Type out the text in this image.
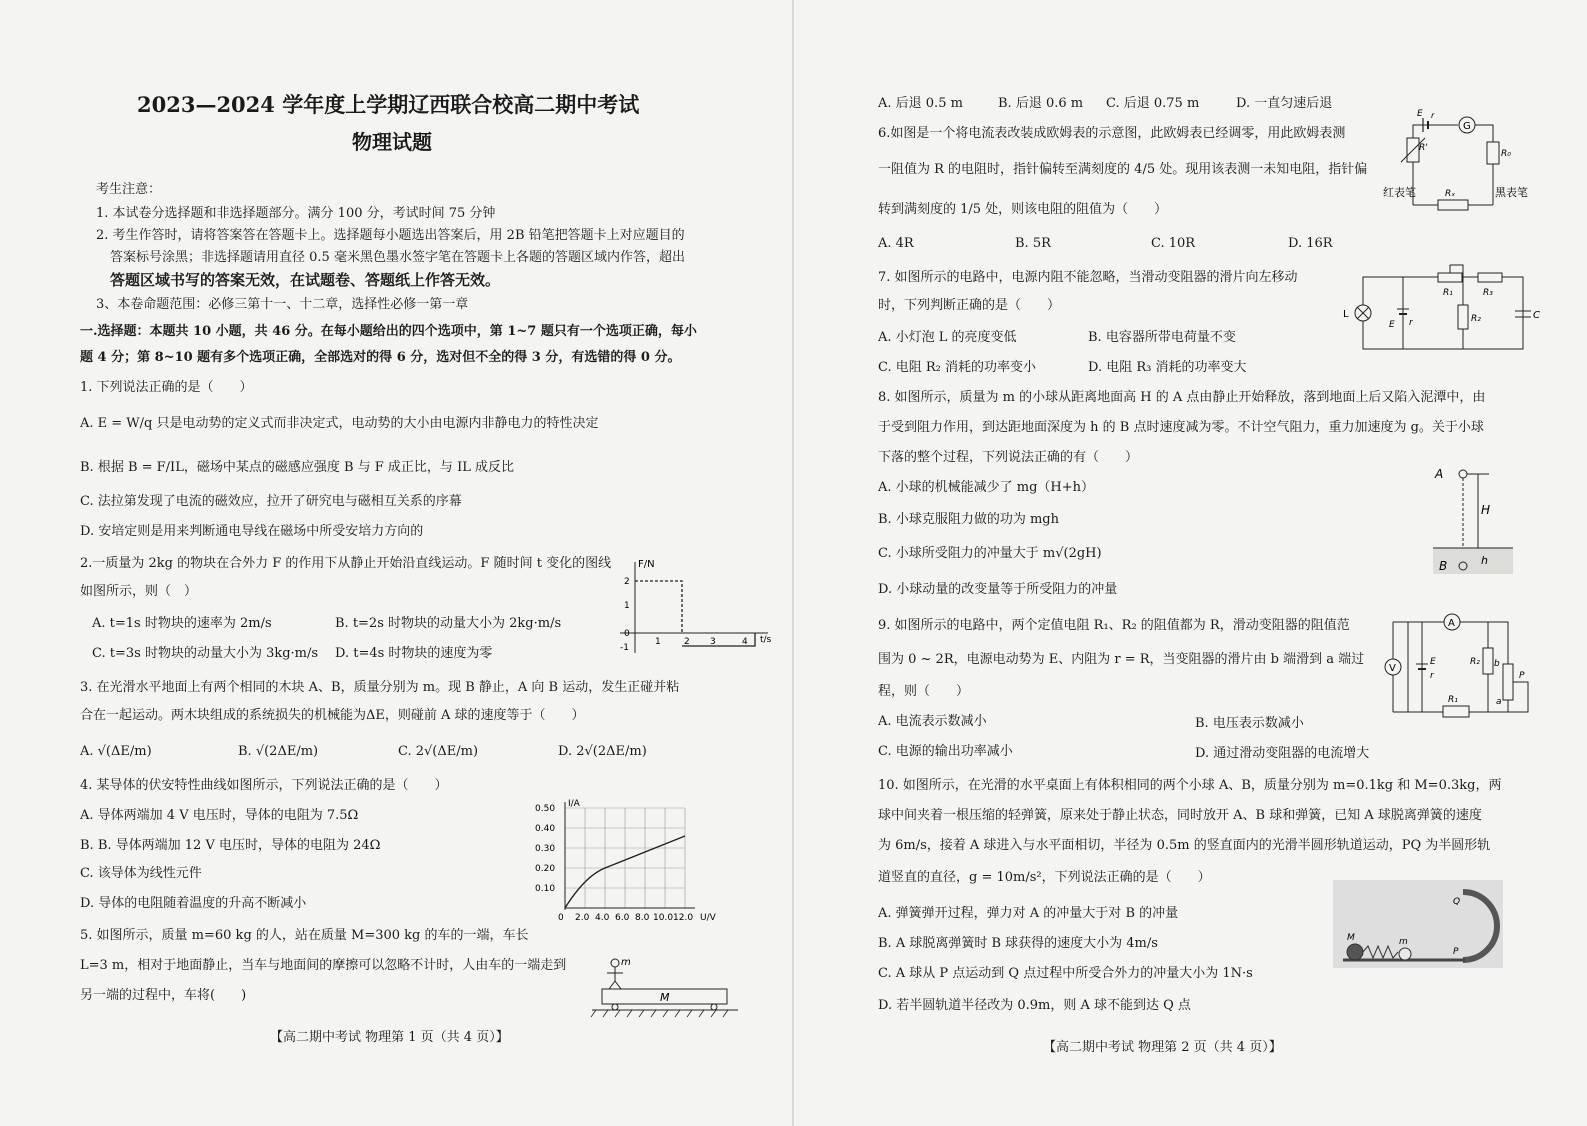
2023—2024 学年度上学期辽西联合校高二期中考试
物理试题
考生注意：
1. 本试卷分选择题和非选择题部分。满分 100 分，考试时间 75 分钟
2. 考生作答时，请将答案答在答题卡上。选择题每小题选出答案后，用 2B 铅笔把答题卡上对应题目的
答案标号涂黑；非选择题请用直径 0.5 毫米黑色墨水签字笔在答题卡上各题的答题区域内作答，超出
答题区域书写的答案无效，在试题卷、答题纸上作答无效。
3、本卷命题范围：必修三第十一、十二章，选择性必修一第一章
一.选择题：本题共 10 小题，共 46 分。在每小题给出的四个选项中，第 1~7 题只有一个选项正确，每小
题 4 分；第 8~10 题有多个选项正确，全部选对的得 6 分，选对但不全的得 3 分，有选错的得 0 分。
1. 下列说法正确的是（　　）
A. E = W/q 只是电动势的定义式而非决定式，电动势的大小由电源内非静电力的特性决定
B. 根据 B = F/IL，磁场中某点的磁感应强度 B 与 F 成正比，与 IL 成反比
C. 法拉第发现了电流的磁效应，拉开了研究电与磁相互关系的序幕
D. 安培定则是用来判断通电导线在磁场中所受安培力方向的
2.一质量为 2kg 的物块在合外力 F 的作用下从静止开始沿直线运动。F 随时间 t 变化的图线
如图所示，则（　）
A. t=1s 时物块的速率为 2m/s	B. t=2s 时物块的动量大小为 2kg·m/s
C. t=3s 时物块的动量大小为 3kg·m/s D. t=4s 时物块的速度为零
F/N
t/s
2
1
0
-1
1	2 3	4
3. 在光滑水平地面上有两个相同的木块 A、B，质量分别为 m。现 B 静止，A 向 B 运动，发生正碰并粘
合在一起运动。两木块组成的系统损失的机械能为ΔE，则碰前 A 球的速度等于（　　）
A. √(ΔE/m)	B. √(2ΔE/m)	C. 2√(ΔE/m)	D. 2√(2ΔE/m)
4. 某导体的伏安特性曲线如图所示，下列说法正确的是（　　）
A. 导体两端加 4 V 电压时，导体的电阻为 7.5Ω
B. B. 导体两端加 12 V 电压时，导体的电阻为 24Ω
C. 该导体为线性元件
D. 导体的电阻随着温度的升高不断减小
I/A
U/V
0.50
0.40
0.30
0.20
0.10
0 2.0 4.0 6.0 8.0 10.0 12.0
5. 如图所示，质量 m=60 kg 的人，站在质量 M=300 kg 的车的一端，车长
L=3 m，相对于地面静止，当车与地面间的摩擦可以忽略不计时，人由车的一端走到
另一端的过程中，车将(　　)
m
M
【高二期中考试 物理第 1 页（共 4 页）】
A. 后退 0.5 m	B. 后退 0.6 m C. 后退 0.75 m	D. 一直匀速后退
6.如图是一个将电流表改装成欧姆表的示意图，此欧姆表已经调零，用此欧姆表测
一阻值为 R 的电阻时，指针偏转至满刻度的 4/5 处。现用该表测一未知电阻，指针偏
转到满刻度的 1/5 处，则该电阻的阻值为（　　）
A. 4R	B. 5R	C. 10R	D. 16R
E r
G
R₀
R'
Rₓ
红表笔	黑表笔
7. 如图所示的电路中，电源内阻不能忽略，当滑动变阻器的滑片向左移动
时，下列判断正确的是（　　）
A. 小灯泡 L 的亮度变低	B. 电容器所带电荷量不变
C. 电阻 R₂ 消耗的功率变小	D. 电阻 R₃ 消耗的功率变大
R₁	R₃
R₂
L
E r
C
8. 如图所示，质量为 m 的小球从距离地面高 H 的 A 点由静止开始释放，落到地面上后又陷入泥潭中，由
于受到阻力作用，到达距地面深度为 h 的 B 点时速度减为零。不计空气阻力，重力加速度为 g。关于小球
下落的整个过程，下列说法正确的有（　　）
A. 小球的机械能减少了 mg（H+h）
B. 小球克服阻力做的功为 mgh
C. 小球所受阻力的冲量大于 m√(2gH)
D. 小球动量的改变量等于所受阻力的冲量
A
H
B	h
9. 如图所示的电路中，两个定值电阻 R₁、R₂ 的阻值都为 R，滑动变阻器的阻值范
围为 0 ~ 2R，电源电动势为 E、内阻为 r = R，当变阻器的滑片由 b 端滑到 a 端过
程，则（　　）
A. 电流表示数减小	B. 电压表示数减小
C. 电源的输出功率减小	D. 通过滑动变阻器的电流增大
A
V
E
r
R₁
R₂ b
P
a
10. 如图所示，在光滑的水平桌面上有体积相同的两个小球 A、B，质量分别为 m=0.1kg 和 M=0.3kg，两
球中间夹着一根压缩的轻弹簧，原来处于静止状态，同时放开 A、B 球和弹簧，已知 A 球脱离弹簧的速度
为 6m/s，接着 A 球进入与水平面相切，半径为 0.5m 的竖直面内的光滑半圆形轨道运动，PQ 为半圆形轨
道竖直的直径，g = 10m/s²，下列说法正确的是（　　）
A. 弹簧弹开过程，弹力对 A 的冲量大于对 B 的冲量
B. A 球脱离弹簧时 B 球获得的速度大小为 4m/s
C. A 球从 P 点运动到 Q 点过程中所受合外力的冲量大小为 1N·s
D. 若半圆轨道半径改为 0.9m，则 A 球不能到达 Q 点
M	m
P
Q
【高二期中考试 物理第 2 页（共 4 页）】
